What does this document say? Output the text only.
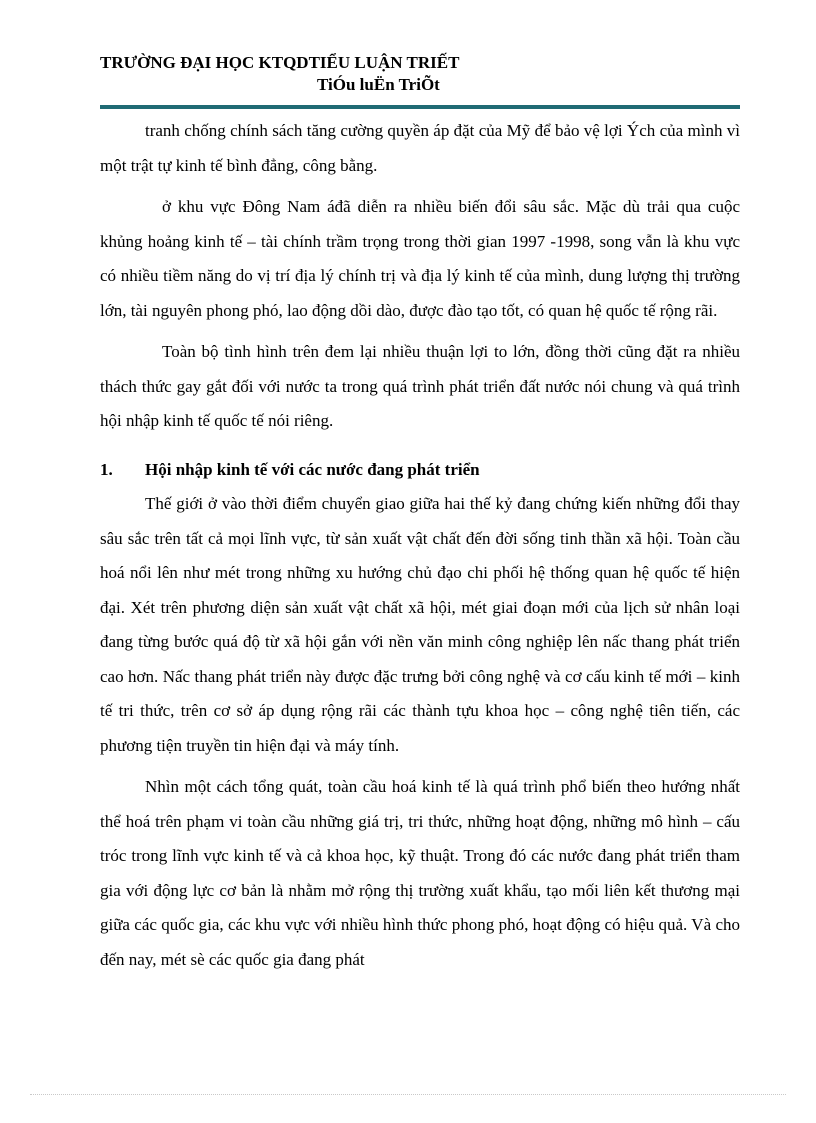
TRƯỜNG ĐẠI HỌC KTQDTIỂU LUẬN TRIẾT
TiÓu luËn TriÕt

tranh chống chính sách tăng cường quyền áp đặt của Mỹ để bảo vệ lợi Ých của mình vì một trật tự kinh tế bình đẳng, công bằng.

ở khu vực Đông Nam áđã diễn ra nhiều biến đổi sâu sắc. Mặc dù trải qua cuộc khủng hoảng kinh tế – tài chính trầm trọng trong thời gian 1997 -1998, song vẫn là khu vực có nhiều tiềm năng do vị trí địa lý chính trị và địa lý kinh tế của mình, dung lượng thị trường lớn, tài nguyên phong phó, lao động dồi dào, được đào tạo tốt, có quan hệ quốc tế rộng rãi.

Toàn bộ tình hình trên đem lại nhiều thuận lợi to lớn, đồng thời cũng đặt ra nhiều thách thức gay gắt đối với nước ta trong quá trình phát triển đất nước nói chung và quá trình hội nhập kinh tế quốc tế nói riêng.

1.	Hội nhập kinh tế với các nước đang phát triển

Thế giới ở vào thời điểm chuyển giao giữa hai thế kỷ đang chứng kiến những đổi thay sâu sắc trên tất cả mọi lĩnh vực, từ sản xuất vật chất đến đời sống tinh thần xã hội. Toàn cầu hoá nổi lên như mét trong những xu hướng chủ đạo chi phối hệ thống quan hệ quốc tế hiện đại. Xét trên phương diện sản xuất vật chất xã hội, mét giai đoạn mới của lịch sử nhân loại đang từng bước quá độ từ xã hội gắn với nền văn minh công nghiệp lên nấc thang phát triển cao hơn. Nấc thang phát triển này được đặc trưng bởi công nghệ và cơ cấu kinh tế mới – kinh tế tri thức, trên cơ sở áp dụng rộng rãi các thành tựu khoa học – công nghệ tiên tiến, các phương tiện truyền tin hiện đại và máy tính.

Nhìn một cách tổng quát, toàn cầu hoá kinh tế là quá trình phổ biến theo hướng nhất thể hoá trên phạm vi toàn cầu những giá trị, tri thức, những hoạt động, những mô hình – cấu tróc trong lĩnh vực kinh tế và cả khoa học, kỹ thuật. Trong đó các nước đang phát triển tham gia với động lực cơ bản là nhằm mở rộng thị trường xuất khẩu, tạo mối liên kết thương mại giữa các quốc gia, các khu vực với nhiều hình thức phong phó, hoạt động có hiệu quả. Và cho đến nay, mét sè các quốc gia đang phát
